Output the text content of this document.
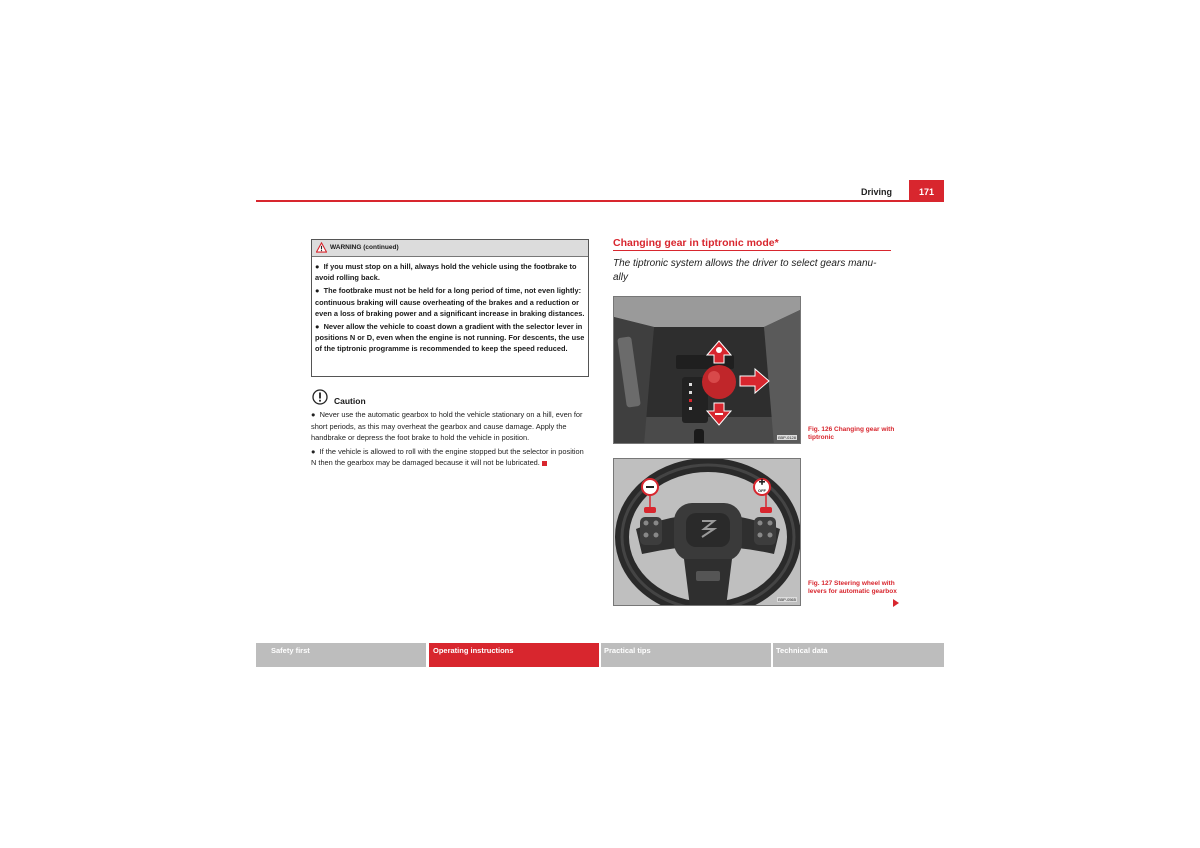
Driving	171
WARNING (continued)

●  If you must stop on a hill, always hold the vehicle using the footbrake to avoid rolling back.

●  The footbrake must not be held for a long period of time, not even lightly: continuous braking will cause overheating of the brakes and a reduction or even a loss of braking power and a significant increase in braking distances.

●  Never allow the vehicle to coast down a gradient with the selector lever in positions N or D, even when the engine is not running. For descents, the use of the tiptronic programme is recommended to keep the speed reduced.

Caution

●  Never use the automatic gearbox to hold the vehicle stationary on a hill, even for short periods, as this may overheat the gearbox and cause damage. Apply the handbrake or depress the foot brake to hold the vehicle in position.

●  If the vehicle is allowed to roll with the engine stopped but the selector in position N then the gearbox may be damaged because it will not be lubricated.

Changing gear in tiptronic mode*
The tiptronic system allows the driver to select gears manu-ally
B5P-0128
Fig. 126 Changing gear with tiptronic
OFF
B5P-0565
Fig. 127 Steering wheel with levers for automatic gearbox
Safety first	Operating instructions	Practical tips	Technical data
